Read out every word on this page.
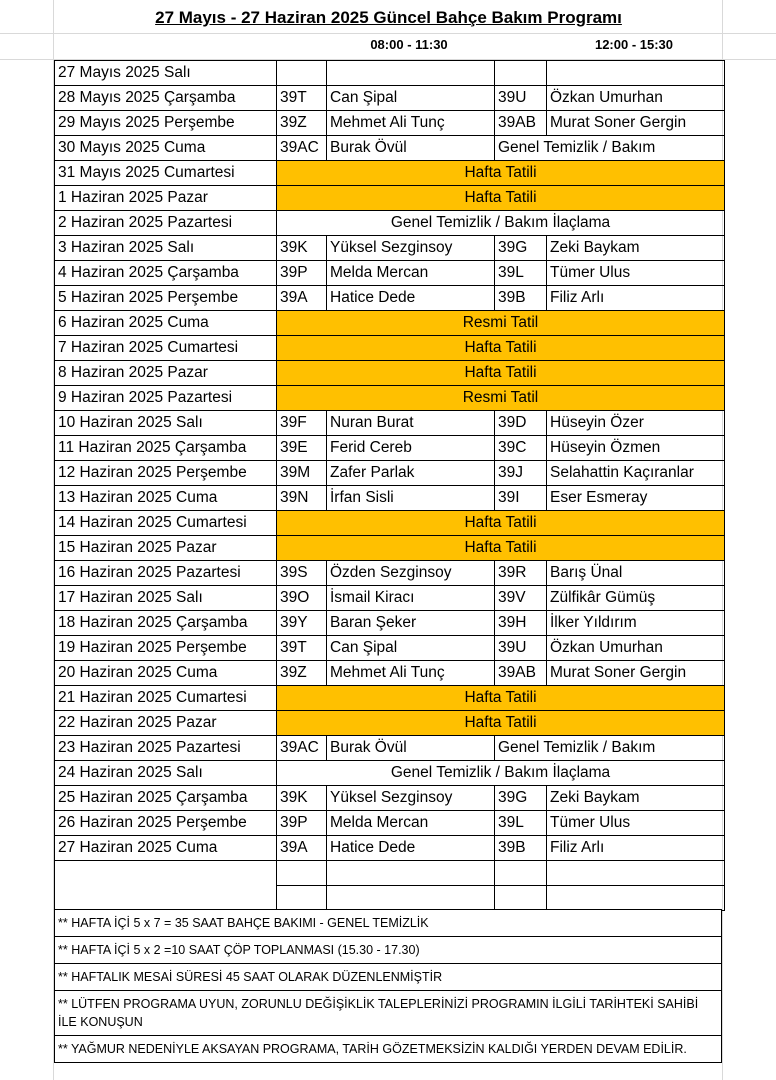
27 Mayıs - 27 Haziran 2025 Güncel Bahçe Bakım Programı
08:00 - 11:30	12:00 - 15:30
27 Mayıs 2025 Salı				
28 Mayıs 2025 Çarşamba	39T	Can Şipal	39U	Özkan Umurhan
29 Mayıs 2025 Perşembe	39Z	Mehmet Ali Tunç	39AB	Murat Soner Gergin
30 Mayıs 2025 Cuma	39AC	Burak Övül	Genel Temizlik / Bakım	
31 Mayıs 2025 Cumartesi	Hafta Tatili			
1 Haziran 2025 Pazar	Hafta Tatili			
2 Haziran 2025 Pazartesi	Genel Temizlik / Bakım İlaçlama			
3 Haziran 2025 Salı	39K	Yüksel Sezginsoy	39G	Zeki Baykam
4 Haziran 2025 Çarşamba	39P	Melda Mercan	39L	Tümer Ulus
5 Haziran 2025 Perşembe	39A	Hatice Dede	39B	Filiz Arlı
6 Haziran 2025 Cuma	Resmi Tatil			
7 Haziran 2025 Cumartesi	Hafta Tatili			
8 Haziran 2025 Pazar	Hafta Tatili			
9 Haziran 2025 Pazartesi	Resmi Tatil			
10 Haziran 2025 Salı	39F	Nuran Burat	39D	Hüseyin Özer
11 Haziran 2025 Çarşamba	39E	Ferid Cereb	39C	Hüseyin Özmen
12 Haziran 2025 Perşembe	39M	Zafer Parlak	39J	Selahattin Kaçıranlar
13 Haziran 2025 Cuma	39N	İrfan Sisli	39I	Eser Esmeray
14 Haziran 2025 Cumartesi	Hafta Tatili			
15 Haziran 2025 Pazar	Hafta Tatili			
16 Haziran 2025 Pazartesi	39S	Özden Sezginsoy	39R	Barış Ünal
17 Haziran 2025 Salı	39O	İsmail Kiracı	39V	Zülfikâr Gümüş
18 Haziran 2025 Çarşamba	39Y	Baran Şeker	39H	İlker Yıldırım
19 Haziran 2025 Perşembe	39T	Can Şipal	39U	Özkan Umurhan
20 Haziran 2025 Cuma	39Z	Mehmet Ali Tunç	39AB	Murat Soner Gergin
21 Haziran 2025 Cumartesi	Hafta Tatili			
22 Haziran 2025 Pazar	Hafta Tatili			
23 Haziran 2025 Pazartesi	39AC	Burak Övül	Genel Temizlik / Bakım	
24 Haziran 2025 Salı	Genel Temizlik / Bakım İlaçlama			
25 Haziran 2025 Çarşamba	39K	Yüksel Sezginsoy	39G	Zeki Baykam
26 Haziran 2025 Perşembe	39P	Melda Mercan	39L	Tümer Ulus
27 Haziran 2025 Cuma	39A	Hatice Dede	39B	Filiz Arlı

** HAFTA İÇİ 5 x 7 = 35 SAAT BAHÇE BAKIMI - GENEL TEMİZLİK
** HAFTA İÇİ 5 x 2 =10 SAAT ÇÖP TOPLANMASI (15.30 - 17.30)
** HAFTALIK MESAİ SÜRESİ 45 SAAT OLARAK DÜZENLENMİŞTİR
** LÜTFEN PROGRAMA UYUN, ZORUNLU DEĞİŞİKLİK TALEPLERİNİZİ PROGRAMIN İLGİLİ TARİHTEKİ SAHİBİ İLE KONUŞUN
** YAĞMUR NEDENİYLE AKSAYAN PROGRAMA, TARİH GÖZETMEKSİZİN KALDIĞI YERDEN DEVAM EDİLİR.
